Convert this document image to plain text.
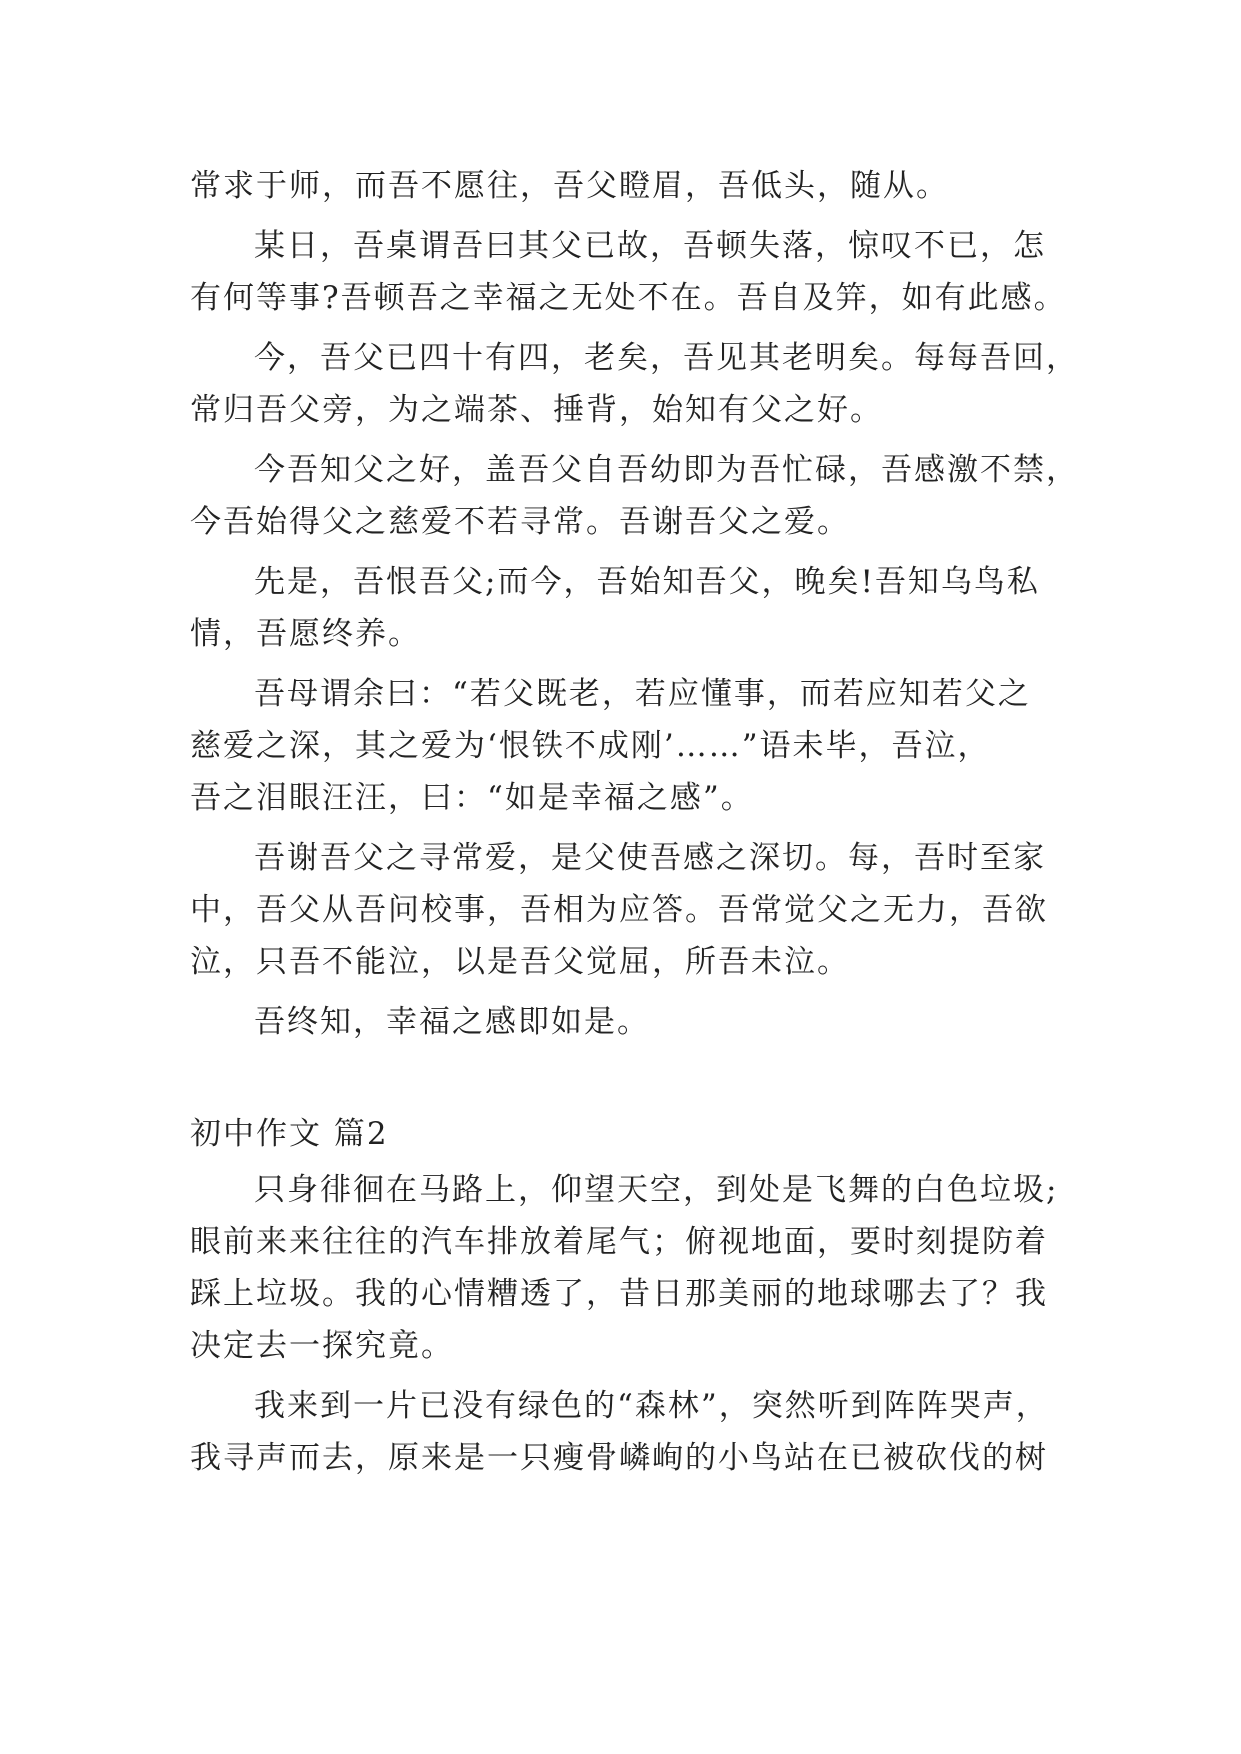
常求于师，而吾不愿往，吾父瞪眉，吾低头，随从。
某日，吾桌谓吾曰其父已故，吾顿失落，惊叹不已，怎
有何等事?吾顿吾之幸福之无处不在。吾自及笄，如有此感。
今，吾父已四十有四，老矣，吾见其老明矣。每每吾回，
常归吾父旁，为之端茶、捶背，始知有父之好。
今吾知父之好，盖吾父自吾幼即为吾忙碌，吾感激不禁，
今吾始得父之慈爱不若寻常。吾谢吾父之爱。
先是，吾恨吾父;而今，吾始知吾父，晚矣!吾知乌鸟私
情，吾愿终养。
吾母谓余曰：“若父既老，若应懂事，而若应知若父之
慈爱之深，其之爱为‘恨铁不成刚’……”语未毕，吾泣，
吾之泪眼汪汪，曰：“如是幸福之感”。
吾谢吾父之寻常爱，是父使吾感之深切。每，吾时至家
中，吾父从吾问校事，吾相为应答。吾常觉父之无力，吾欲
泣，只吾不能泣，以是吾父觉屈，所吾未泣。
吾终知，幸福之感即如是。
初中作文 篇2
只身徘徊在马路上，仰望天空，到处是飞舞的白色垃圾;
眼前来来往往的汽车排放着尾气；俯视地面，要时刻提防着
踩上垃圾。我的心情糟透了，昔日那美丽的地球哪去了？我
决定去一探究竟。
我来到一片已没有绿色的“森林”，突然听到阵阵哭声，
我寻声而去，原来是一只瘦骨嶙峋的小鸟站在已被砍伐的树
